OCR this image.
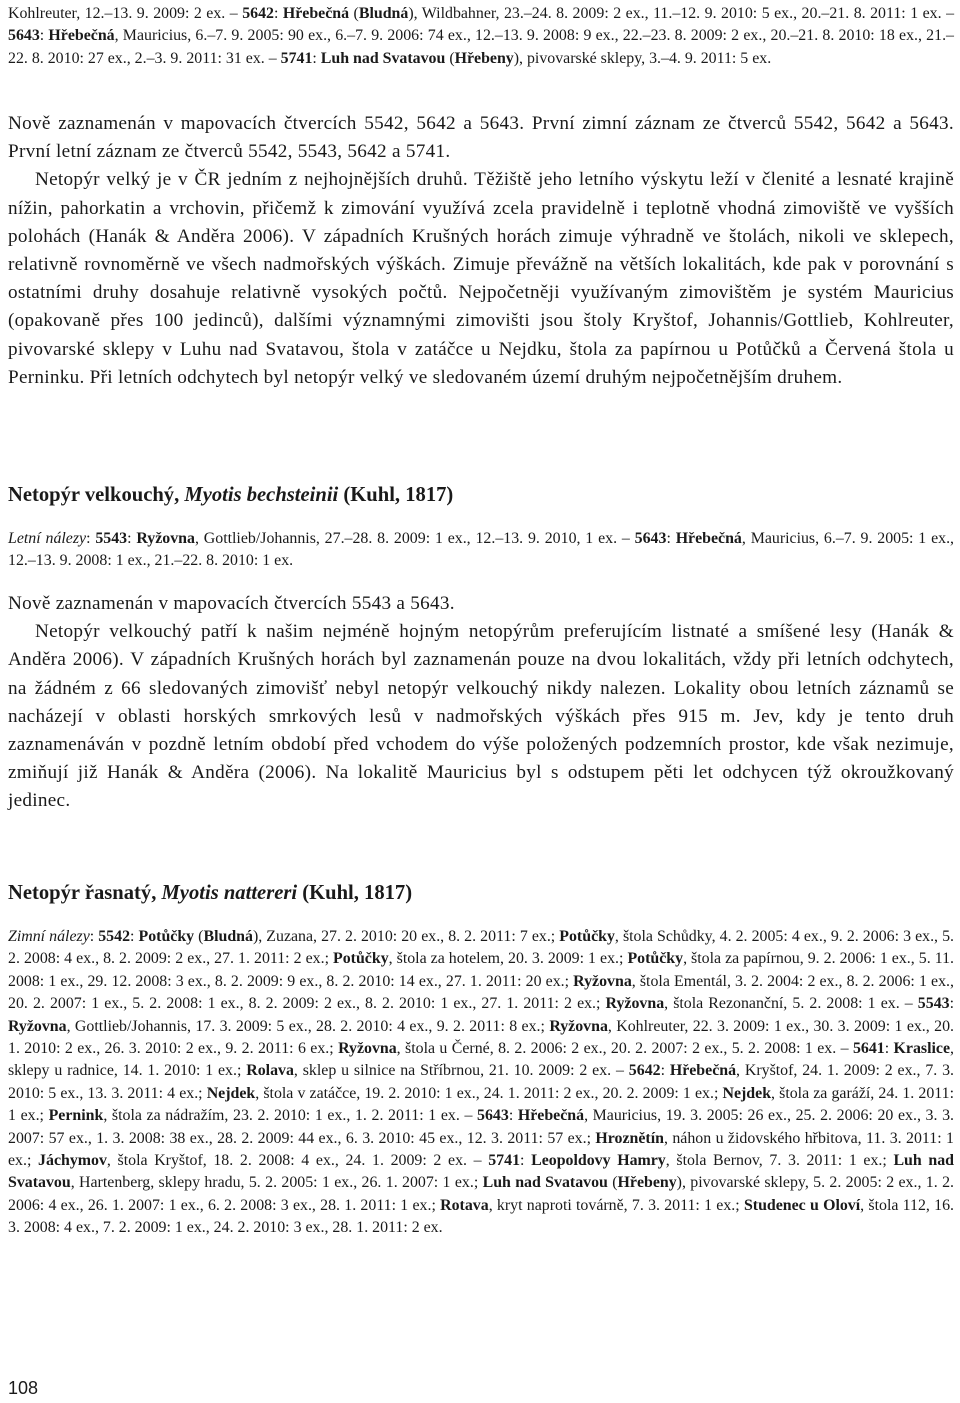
Kohlreuter, 12.–13. 9. 2009: 2 ex. – 5642: Hřebečná (Bludná), Wildbahner, 23.–24. 8. 2009: 2 ex., 11.–12. 9. 2010: 5 ex., 20.–21. 8. 2011: 1 ex. – 5643: Hřebečná, Mauricius, 6.–7. 9. 2005: 90 ex., 6.–7. 9. 2006: 74 ex., 12.–13. 9. 2008: 9 ex., 22.–23. 8. 2009: 2 ex., 20.–21. 8. 2010: 18 ex., 21.–22. 8. 2010: 27 ex., 2.–3. 9. 2011: 31 ex. – 5741: Luh nad Svatavou (Hřebeny), pivovarské sklepy, 3.–4. 9. 2011: 5 ex.

Nově zaznamenán v mapovacích čtvercích 5542, 5642 a 5643. První zimní záznam ze čtverců 5542, 5642 a 5643. První letní záznam ze čtverců 5542, 5543, 5642 a 5741.

Netopýr velký je v ČR jedním z nejhojnějších druhů. Těžiště jeho letního výskytu leží v členité a lesnaté krajině nížin, pahorkatin a vrchovin, přičemž k zimování využívá zcela pravidelně i teplotně vhodná zimoviště ve vyšších polohách (Hanák & Anděra 2006). V západních Krušných horách zimuje výhradně ve štolách, nikoli ve sklepech, relativně rovnoměrně ve všech nadmořských výškách. Zimuje převážně na větších lokalitách, kde pak v porovnání s ostatními druhy dosahuje relativně vysokých počtů. Nejpočetněji využívaným zimovištěm je systém Mauricius (opakovaně přes 100 jedinců), dalšími významnými zimovišti jsou štoly Kryštof, Johannis/Gottlieb, Kohlreuter, pivovarské sklepy v Luhu nad Svatavou, štola v zatáčce u Nejdku, štola za papírnou u Potůčků a Červená štola u Perninku. Při letních odchytech byl netopýr velký ve sledovaném území druhým nejpočetnějším druhem.

Netopýr velkouchý, Myotis bechsteinii (Kuhl, 1817)
Letní nálezy: 5543: Ryžovna, Gottlieb/Johannis, 27.–28. 8. 2009: 1 ex., 12.–13. 9. 2010, 1 ex. – 5643: Hřebečná, Mauricius, 6.–7. 9. 2005: 1 ex., 12.–13. 9. 2008: 1 ex., 21.–22. 8. 2010: 1 ex.

Nově zaznamenán v mapovacích čtvercích 5543 a 5643.

Netopýr velkouchý patří k našim nejméně hojným netopýrům preferujícím listnaté a smíšené lesy (Hanák & Anděra 2006). V západních Krušných horách byl zaznamenán pouze na dvou lokalitách, vždy při letních odchytech, na žádném z 66 sledovaných zimovišť nebyl netopýr velkouchý nikdy nalezen. Lokality obou letních záznamů se nacházejí v oblasti horských smrkových lesů v nadmořských výškách přes 915 m. Jev, kdy je tento druh zaznamenáván v pozdně letním období před vchodem do výše položených podzemních prostor, kde však nezimuje, zmiňují již Hanák & Anděra (2006). Na lokalitě Mauricius byl s odstupem pěti let odchycen týž okroužkovaný jedinec.

Netopýr řasnatý, Myotis nattereri (Kuhl, 1817)
Zimní nálezy: 5542: Potůčky (Bludná), Zuzana, 27. 2. 2010: 20 ex., 8. 2. 2011: 7 ex.; Potůčky, štola Schůdky, 4. 2. 2005: 4 ex., 9. 2. 2006: 3 ex., 5. 2. 2008: 4 ex., 8. 2. 2009: 2 ex., 27. 1. 2011: 2 ex.; Potůčky, štola za hotelem, 20. 3. 2009: 1 ex.; Potůčky, štola za papírnou, 9. 2. 2006: 1 ex., 5. 11. 2008: 1 ex., 29. 12. 2008: 3 ex., 8. 2. 2009: 9 ex., 8. 2. 2010: 14 ex., 27. 1. 2011: 20 ex.; Ryžovna, štola Ementál, 3. 2. 2004: 2 ex., 8. 2. 2006: 1 ex., 20. 2. 2007: 1 ex., 5. 2. 2008: 1 ex., 8. 2. 2009: 2 ex., 8. 2. 2010: 1 ex., 27. 1. 2011: 2 ex.; Ryžovna, štola Rezonanční, 5. 2. 2008: 1 ex. – 5543: Ryžovna, Gottlieb/Johannis, 17. 3. 2009: 5 ex., 28. 2. 2010: 4 ex., 9. 2. 2011: 8 ex.; Ryžovna, Kohlreuter, 22. 3. 2009: 1 ex., 30. 3. 2009: 1 ex., 20. 1. 2010: 2 ex., 26. 3. 2010: 2 ex., 9. 2. 2011: 6 ex.; Ryžovna, štola u Černé, 8. 2. 2006: 2 ex., 20. 2. 2007: 2 ex., 5. 2. 2008: 1 ex. – 5641: Kraslice, sklepy u radnice, 14. 1. 2010: 1 ex.; Rolava, sklep u silnice na Stříbrnou, 21. 10. 2009: 2 ex. – 5642: Hřebečná, Kryštof, 24. 1. 2009: 2 ex., 7. 3. 2010: 5 ex., 13. 3. 2011: 4 ex.; Nejdek, štola v zatáčce, 19. 2. 2010: 1 ex., 24. 1. 2011: 2 ex., 20. 2. 2009: 1 ex.; Nejdek, štola za garáží, 24. 1. 2011: 1 ex.; Pernink, štola za nádražím, 23. 2. 2010: 1 ex., 1. 2. 2011: 1 ex. – 5643: Hřebečná, Mauricius, 19. 3. 2005: 26 ex., 25. 2. 2006: 20 ex., 3. 3. 2007: 57 ex., 1. 3. 2008: 38 ex., 28. 2. 2009: 44 ex., 6. 3. 2010: 45 ex., 12. 3. 2011: 57 ex.; Hroznětín, náhon u židovského hřbitova, 11. 3. 2011: 1 ex.; Jáchymov, štola Kryštof, 18. 2. 2008: 4 ex., 24. 1. 2009: 2 ex. – 5741: Leopoldovy Hamry, štola Bernov, 7. 3. 2011: 1 ex.; Luh nad Svatavou, Hartenberg, sklepy hradu, 5. 2. 2005: 1 ex., 26. 1. 2007: 1 ex.; Luh nad Svatavou (Hřebeny), pivovarské sklepy, 5. 2. 2005: 2 ex., 1. 2. 2006: 4 ex., 26. 1. 2007: 1 ex., 6. 2. 2008: 3 ex., 28. 1. 2011: 1 ex.; Rotava, kryt naproti továrně, 7. 3. 2011: 1 ex.; Studenec u Oloví, štola 112, 16. 3. 2008: 4 ex., 7. 2. 2009: 1 ex., 24. 2. 2010: 3 ex., 28. 1. 2011: 2 ex.
108
